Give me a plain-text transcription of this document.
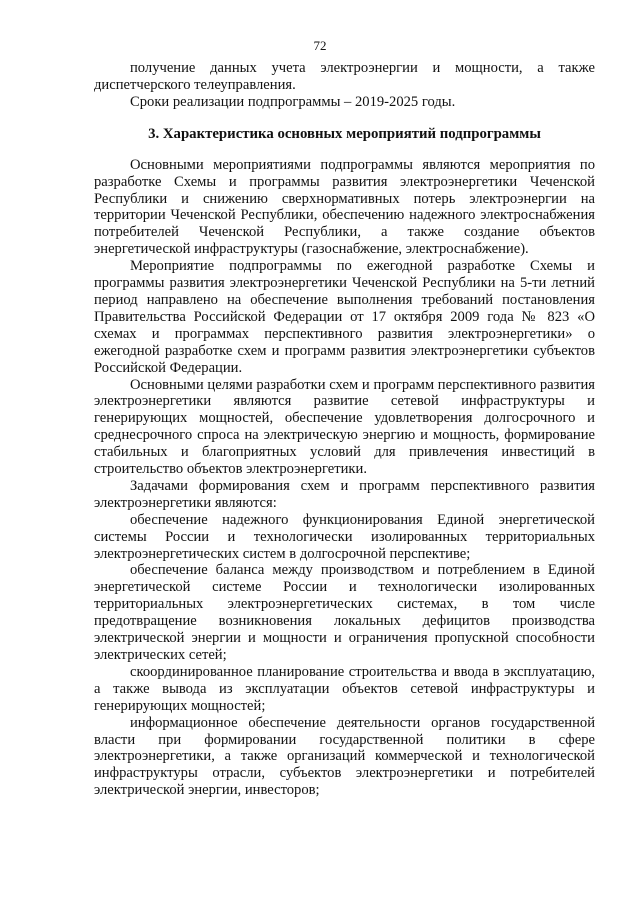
72

получение данных учета электроэнергии и мощности, а также диспетчерского телеуправления.

Сроки реализации подпрограммы – 2019-2025 годы.

3. Характеристика основных мероприятий подпрограммы

Основными мероприятиями подпрограммы являются мероприятия по разработке Схемы и программы развития электроэнергетики Чеченской Республики и снижению сверхнормативных потерь электроэнергии на территории Чеченской Республики, обеспечению надежного электроснабжения потребителей Чеченской Республики, а также создание объектов энергетической инфраструктуры (газоснабжение, электроснабжение).

Мероприятие подпрограммы по ежегодной разработке Схемы и программы развития электроэнергетики Чеченской Республики на 5-ти летний период направлено на обеспечение выполнения требований постановления Правительства Российской Федерации от 17 октября 2009 года № 823 «О схемах и программах перспективного развития электроэнергетики» о ежегодной разработке схем и программ развития электроэнергетики субъектов Российской Федерации.

Основными целями разработки схем и программ перспективного развития электроэнергетики являются развитие сетевой инфраструктуры и генерирующих мощностей, обеспечение удовлетворения долгосрочного и среднесрочного спроса на электрическую энергию и мощность, формирование стабильных и благоприятных условий для привлечения инвестиций в строительство объектов электроэнергетики.

Задачами формирования схем и программ перспективного развития электроэнергетики являются:

обеспечение надежного функционирования Единой энергетической системы России и технологически изолированных территориальных электроэнергетических систем в долгосрочной перспективе;

обеспечение баланса между производством и потреблением в Единой энергетической системе России и технологически изолированных территориальных электроэнергетических системах, в том числе предотвращение возникновения локальных дефицитов производства электрической энергии и мощности и ограничения пропускной способности электрических сетей;

скоординированное планирование строительства и ввода в эксплуатацию, а также вывода из эксплуатации объектов сетевой инфраструктуры и генерирующих мощностей;

информационное обеспечение деятельности органов государственной власти при формировании государственной политики в сфере электроэнергетики, а также организаций коммерческой и технологической инфраструктуры отрасли, субъектов электроэнергетики и потребителей электрической энергии, инвесторов;
